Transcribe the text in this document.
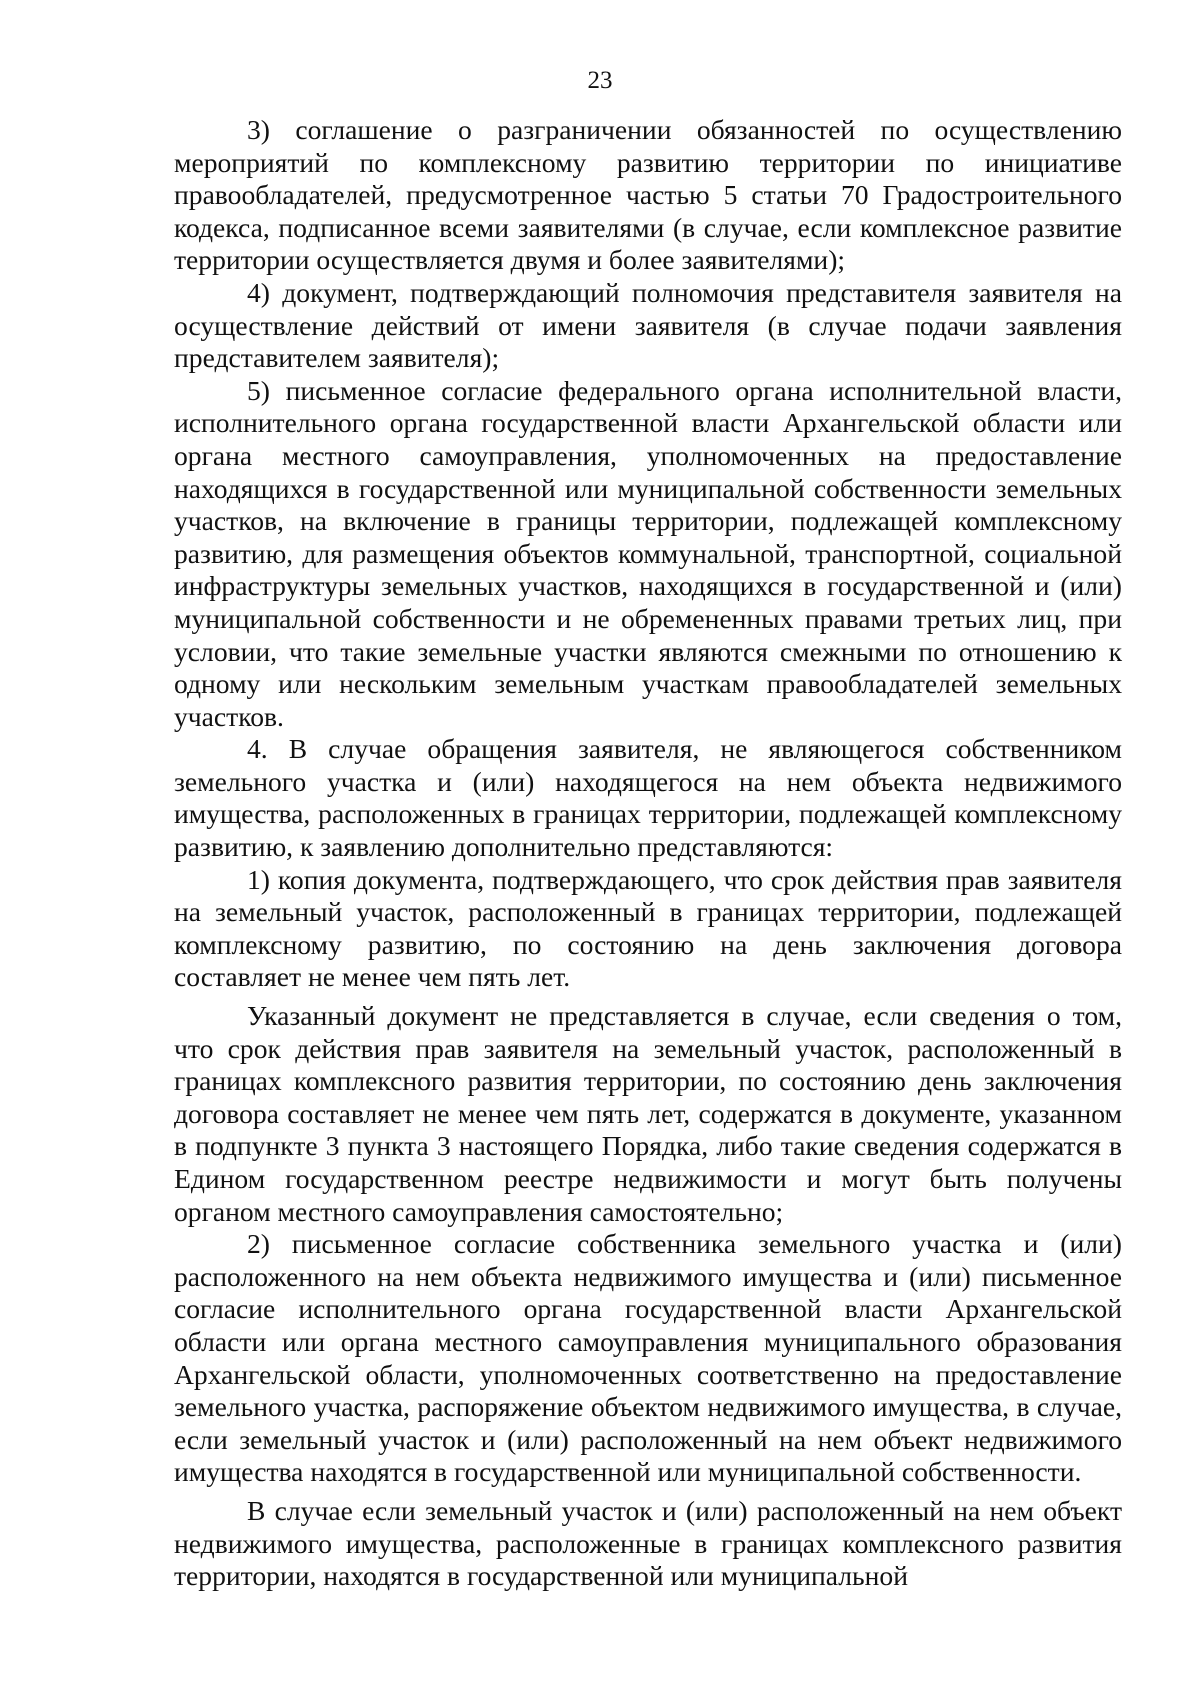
23

3) соглашение о разграничении обязанностей по осуществлению мероприятий по комплексному развитию территории по инициативе правообладателей, предусмотренное частью 5 статьи 70 Градостроительного кодекса, подписанное всеми заявителями (в случае, если комплексное развитие территории осуществляется двумя и более заявителями);

4) документ, подтверждающий полномочия представителя заявителя на осуществление действий от имени заявителя (в случае подачи заявления представителем заявителя);

5) письменное согласие федерального органа исполнительной власти, исполнительного органа государственной власти Архангельской области или органа местного самоуправления, уполномоченных на предоставление находящихся в государственной или муниципальной собственности земельных участков, на включение в границы территории, подлежащей комплексному развитию, для размещения объектов коммунальной, транспортной, социальной инфраструктуры земельных участков, находящихся в государственной и (или) муниципальной собственности и не обремененных правами третьих лиц, при условии, что такие земельные участки являются смежными по отношению к одному или нескольким земельным участкам правообладателей земельных участков.

4. В случае обращения заявителя, не являющегося собственником земельного участка и (или) находящегося на нем объекта недвижимого имущества, расположенных в границах территории, подлежащей комплексному развитию, к заявлению дополнительно представляются:

1) копия документа, подтверждающего, что срок действия прав заявителя на земельный участок, расположенный в границах территории, подлежащей комплексному развитию, по состоянию на день заключения договора составляет не менее чем пять лет.

Указанный документ не представляется в случае, если сведения о том, что срок действия прав заявителя на земельный участок, расположенный в границах комплексного развития территории, по состоянию день заключения договора составляет не менее чем пять лет, содержатся в документе, указанном в подпункте 3 пункта 3 настоящего Порядка, либо такие сведения содержатся в Едином государственном реестре недвижимости и могут быть получены органом местного самоуправления самостоятельно;

2) письменное согласие собственника земельного участка и (или) расположенного на нем объекта недвижимого имущества и (или) письменное согласие исполнительного органа государственной власти Архангельской области или органа местного самоуправления муниципального образования Архангельской области, уполномоченных соответственно на предоставление земельного участка, распоряжение объектом недвижимого имущества, в случае, если земельный участок и (или) расположенный на нем объект недвижимого имущества находятся в государственной или муниципальной собственности.

В случае если земельный участок и (или) расположенный на нем объект недвижимого имущества, расположенные в границах комплексного развития территории, находятся в государственной или муниципальной
